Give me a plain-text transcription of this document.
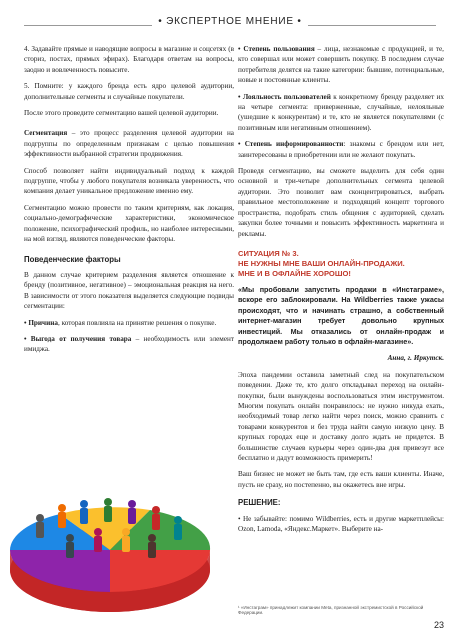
• ЭКСПЕРТНОЕ МНЕНИЕ •

4. Задавайте прямые и наводящие вопросы в магазине и соцсетях (в сториз, постах, прямых эфирах). Благодаря ответам на вопросы, заодно и вовлеченность повысите.

5. Помните: у каждого бренда есть ядро целевой аудитории, дополнительные сегменты и случайные покупатели.

После этого проведите сегментацию вашей целевой аудитории.

Сегментация – это процесс разделения целевой аудитории на подгруппы по определенным признакам с целью повышения эффективности выбранной стратегии продвижения.

Способ позволяет найти индивидуальный подход к каждой подгруппе, чтобы у любого покупателя возникала уверенность, что компания делает уникальное предложение именно ему.

Сегментацию можно провести по таким критериям, как локация, социально-демографические характеристики, экономическое положение, психографический профиль, но наиболее интересными, на мой взгляд, являются поведенческие факторы.

Поведенческие факторы

В данном случае критерием разделения является отношение к бренду (позитивное, негативное) – эмоциональная реакция на него. В зависимости от этого показателя выделяется следующие подвиды сегментации:

• Причина, которая повлияла на принятие решения о покупке.

• Выгода от получения товара – необходимость или элемент имиджа.

• Степень пользования – лица, незнакомые с продукцией, и те, кто совершал или может совершить покупку. В последнем случае потребителя делятся на такие категории: бывшие, потенциальные, новые и постоянные клиенты.

• Лояльность пользователей к конкретному бренду разделяет их на четыре сегмента: приверженные, случайные, нелояльные (ушедшие к конкурентам) и те, кто не является покупателями (с позитивным или негативным отношением).

• Степень информированности: знакомы с брендом или нет, заинтересованы в приобретении или не желают покупать.

Проведя сегментацию, вы сможете выделить для себя один основной и три-четыре дополнительных сегмента целевой аудитории. Это позволит вам сконцентрироваться, выбрать правильное местоположение и подходящий концепт торгового пространства, подобрать стиль общения с аудиторией, сделать закупки более точными и повысить эффективность маркетинга и рекламы.

СИТУАЦИЯ № 3.
НЕ НУЖНЫ МНЕ ВАШИ ОНЛАЙН-ПРОДАЖИ.
МНЕ И В ОФЛАЙНЕ ХОРОШО!

«Мы пробовали запустить продажи в «Инстаграме», вскоре его заблокировали. На Wildberries также ужасы происходят, что и начинать страшно, а собственный интернет-магазин требует довольно крупных инвестиций. Мы отказались от онлайн-продаж и продолжаем работу только в офлайн-магазине».

Анна, г. Иркутск.

Эпоха пандемии оставила заметный след на покупательском поведении. Даже те, кто долго откладывал переход на онлайн-покупки, были вынуждены воспользоваться этим инструментом. Многим покупать онлайн понравилось: не нужно никуда ехать, необходимый товар легко найти через поиск, можно сравнить с товарами конкурентов и без труда найти самую низкую цену. В крупных городах еще и доставку долго ждать не придется. В большинстве случаев курьеры через один-два дня привезут все бесплатно и дадут возможность примерить!

Ваш бизнес не может не быть там, где есть ваши клиенты. Иначе, пусть не сразу, но постепенно, вы окажетесь вне игры.

РЕШЕНИЕ:

• Не забывайте: помимо Wildberries, есть и другие маркетплейсы: Ozon, Lamoda, «Яндекс.Маркет». Выберите на-

¹ «Инстаграм» принадлежит компании Meta, признанной экстремистской в Российской Федерации.
23
